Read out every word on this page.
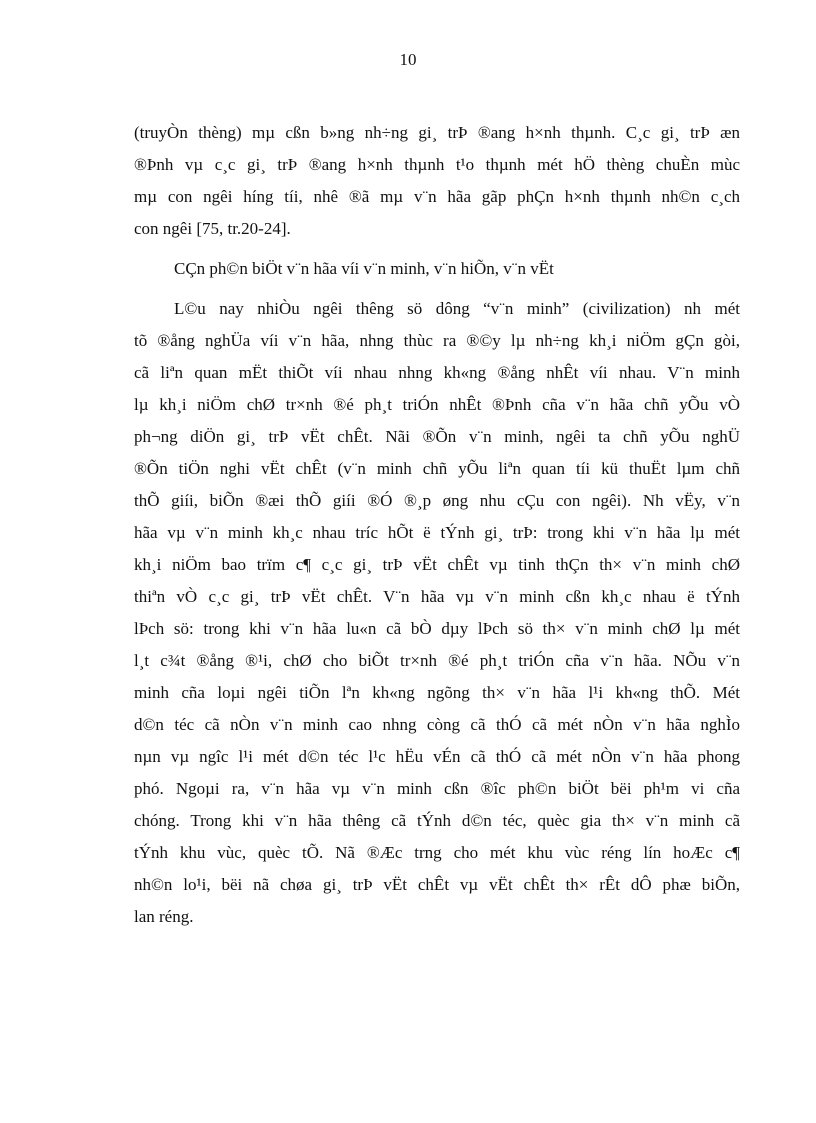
10
(truyÒn thèng) mµ cßn b»ng nh÷ng gi¸ trÞ ®ang h×nh thµnh. C¸c gi¸ trÞ æn
®Þnh vµ c¸c gi¸ trÞ ®ang h×nh thµnh t¹o thµnh mét hÖ thèng chuÈn mùc
mµ con ngêi híng tíi, nhê ®ã mµ v¨n hãa gãp phÇn h×nh thµnh nh©n c¸ch
con ngêi [75, tr.20-24].
CÇn ph©n biÖt v¨n hãa víi v¨n minh, v¨n hiÕn, v¨n vËt
L©u nay nhiÒu ngêi thêng sö dông “v¨n minh” (civilization) nh mét
tõ ®ång nghÜa víi v¨n hãa, nhng thùc ra ®©y lµ nh÷ng kh¸i niÖm gÇn gòi,
cã liªn quan mËt thiÕt víi nhau nhng kh«ng ®ång nhÊt víi nhau. V¨n minh
lµ kh¸i niÖm chØ tr×nh ®é ph¸t triÓn nhÊt ®Þnh cña v¨n hãa chñ yÕu vÒ
ph¬ng diÖn gi¸ trÞ vËt chÊt. Nãi ®Õn v¨n minh, ngêi ta chñ yÕu nghÜ
®Õn tiÖn nghi vËt chÊt (v¨n minh chñ yÕu liªn quan tíi kü thuËt lµm chñ
thÕ giíi, biÕn ®æi thÕ giíi ®Ó ®¸p øng nhu cÇu con ngêi). Nh vËy, v¨n
hãa vµ v¨n minh kh¸c nhau tríc hÕt ë tÝnh gi¸ trÞ: trong khi v¨n hãa lµ mét
kh¸i niÖm bao trïm c¶ c¸c gi¸ trÞ vËt chÊt vµ tinh thÇn th× v¨n minh chØ
thiªn vÒ c¸c gi¸ trÞ vËt chÊt. V¨n hãa vµ v¨n minh cßn kh¸c nhau ë tÝnh
lÞch sö: trong khi v¨n hãa lu«n cã bÒ dµy lÞch sö th× v¨n minh chØ lµ mét
l¸t c¾t ®ång ®¹i, chØ cho biÕt tr×nh ®é ph¸t triÓn cña v¨n hãa. NÕu v¨n
minh cña loµi ngêi tiÕn lªn kh«ng ngõng th× v¨n hãa l¹i kh«ng thÕ. Mét
d©n téc cã nÒn v¨n minh cao nhng còng cã thÓ cã mét nÒn v¨n hãa nghÌo
nµn vµ ngîc l¹i mét d©n téc l¹c hËu vÉn cã thÓ cã mét nÒn v¨n hãa phong
phó. Ngoµi ra, v¨n hãa vµ v¨n minh cßn ®îc ph©n biÖt bëi ph¹m vi cña
chóng. Trong khi v¨n hãa thêng cã tÝnh d©n téc, quèc gia th× v¨n minh cã
tÝnh khu vùc, quèc tÕ. Nã ®Æc trng cho mét khu vùc réng lín hoÆc c¶
nh©n lo¹i, bëi nã chøa gi¸ trÞ vËt chÊt vµ vËt chÊt th× rÊt dÔ phæ biÕn,
lan réng.
